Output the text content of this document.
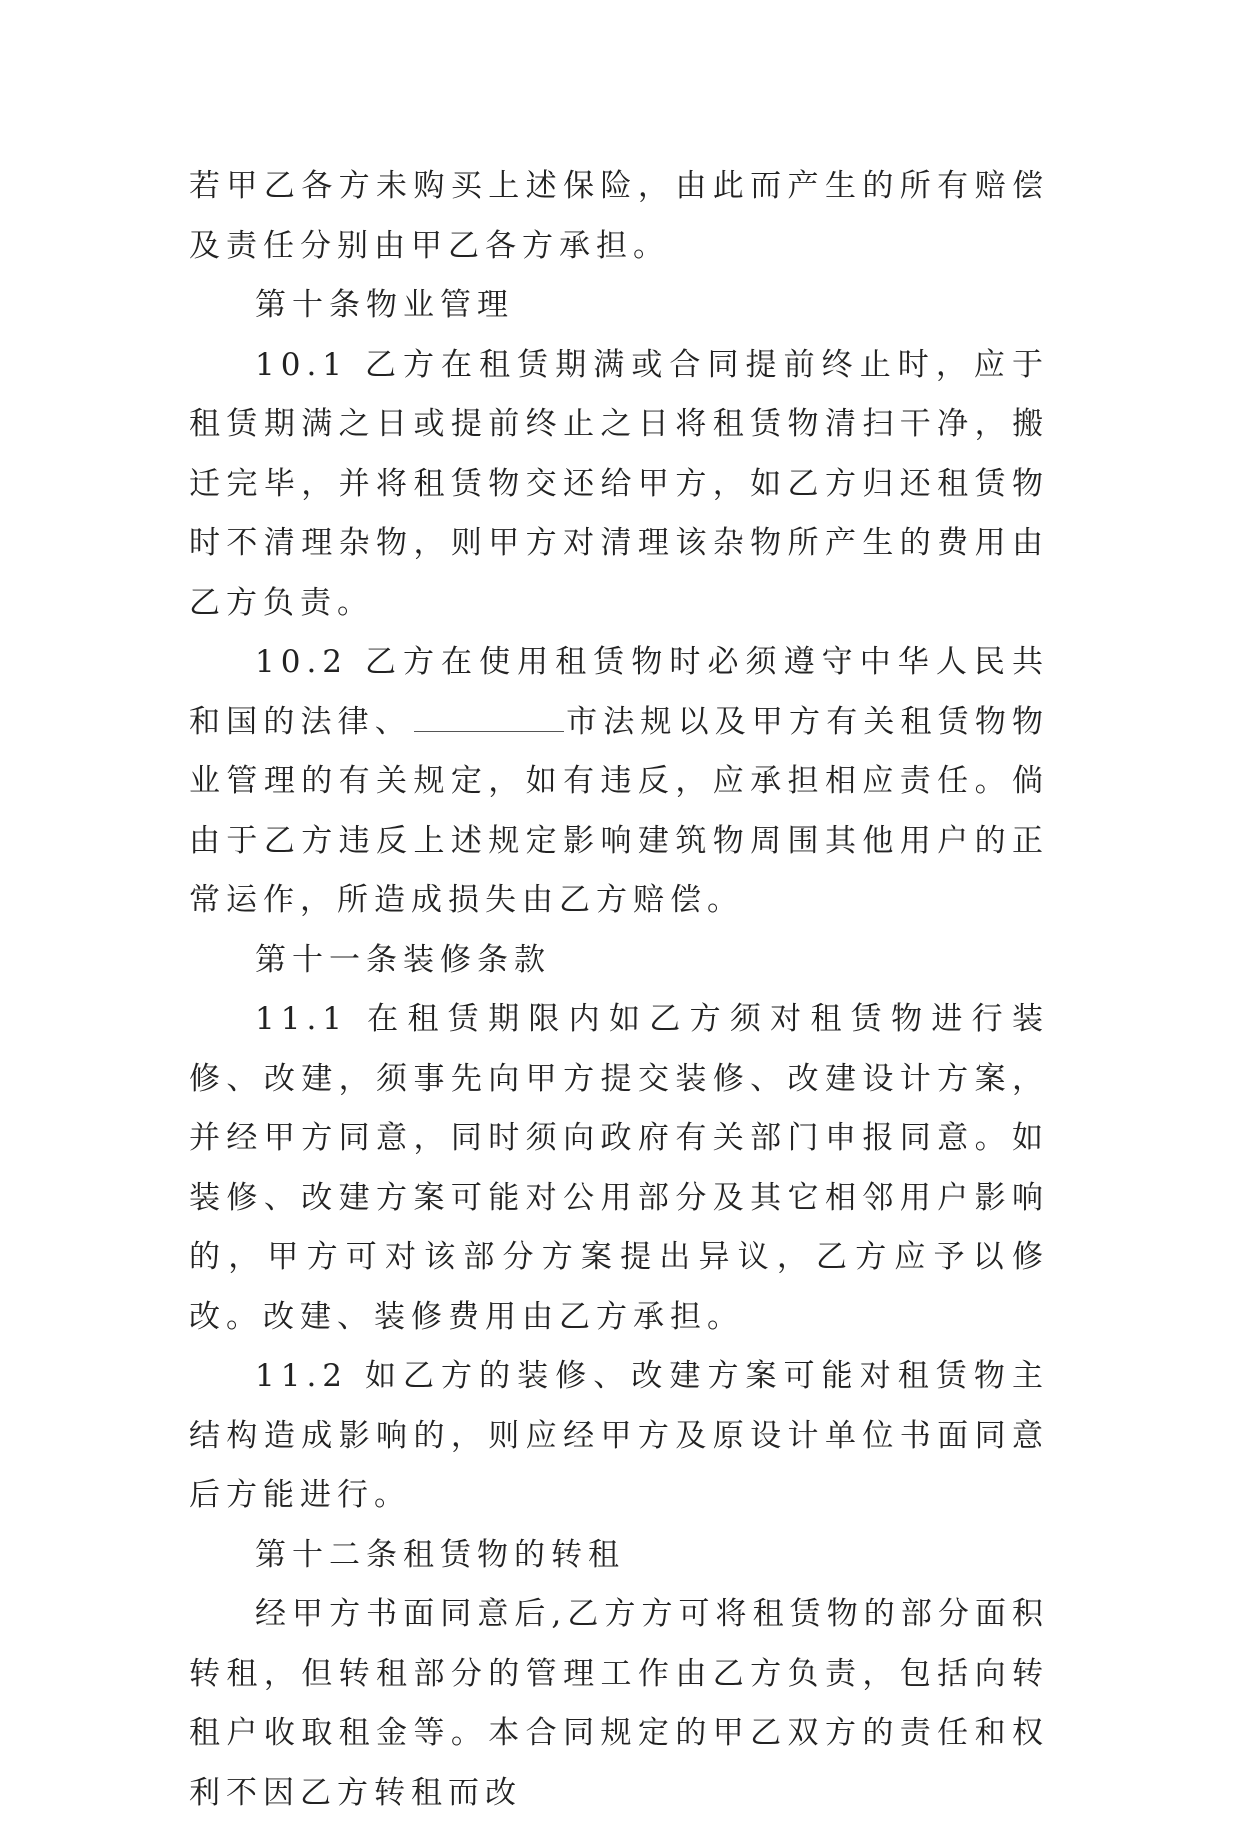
若甲乙各方未购买上述保险，由此而产生的所有赔偿及责任分别由甲乙各方承担。

第十条物业管理

10.1 乙方在租赁期满或合同提前终止时，应于租赁期满之日或提前终止之日将租赁物清扫干净，搬迁完毕，并将租赁物交还给甲方，如乙方归还租赁物时不清理杂物，则甲方对清理该杂物所产生的费用由乙方负责。

10.2 乙方在使用租赁物时必须遵守中华人民共和国的法律、	市法规以及甲方有关租赁物物业管理的有关规定，如有违反，应承担相应责任。倘由于乙方违反上述规定影响建筑物周围其他用户的正常运作，所造成损失由乙方赔偿。

第十一条装修条款

11.1 在租赁期限内如乙方须对租赁物进行装修、改建，须事先向甲方提交装修、改建设计方案，并经甲方同意，同时须向政府有关部门申报同意。如装修、改建方案可能对公用部分及其它相邻用户影响的，甲方可对该部分方案提出异议，乙方应予以修改。改建、装修费用由乙方承担。

11.2 如乙方的装修、改建方案可能对租赁物主结构造成影响的，则应经甲方及原设计单位书面同意后方能进行。

第十二条租赁物的转租

经甲方书面同意后,乙方方可将租赁物的部分面积转租，但转租部分的管理工作由乙方负责，包括向转租户收取租金等。本合同规定的甲乙双方的责任和权利不因乙方转租而改
